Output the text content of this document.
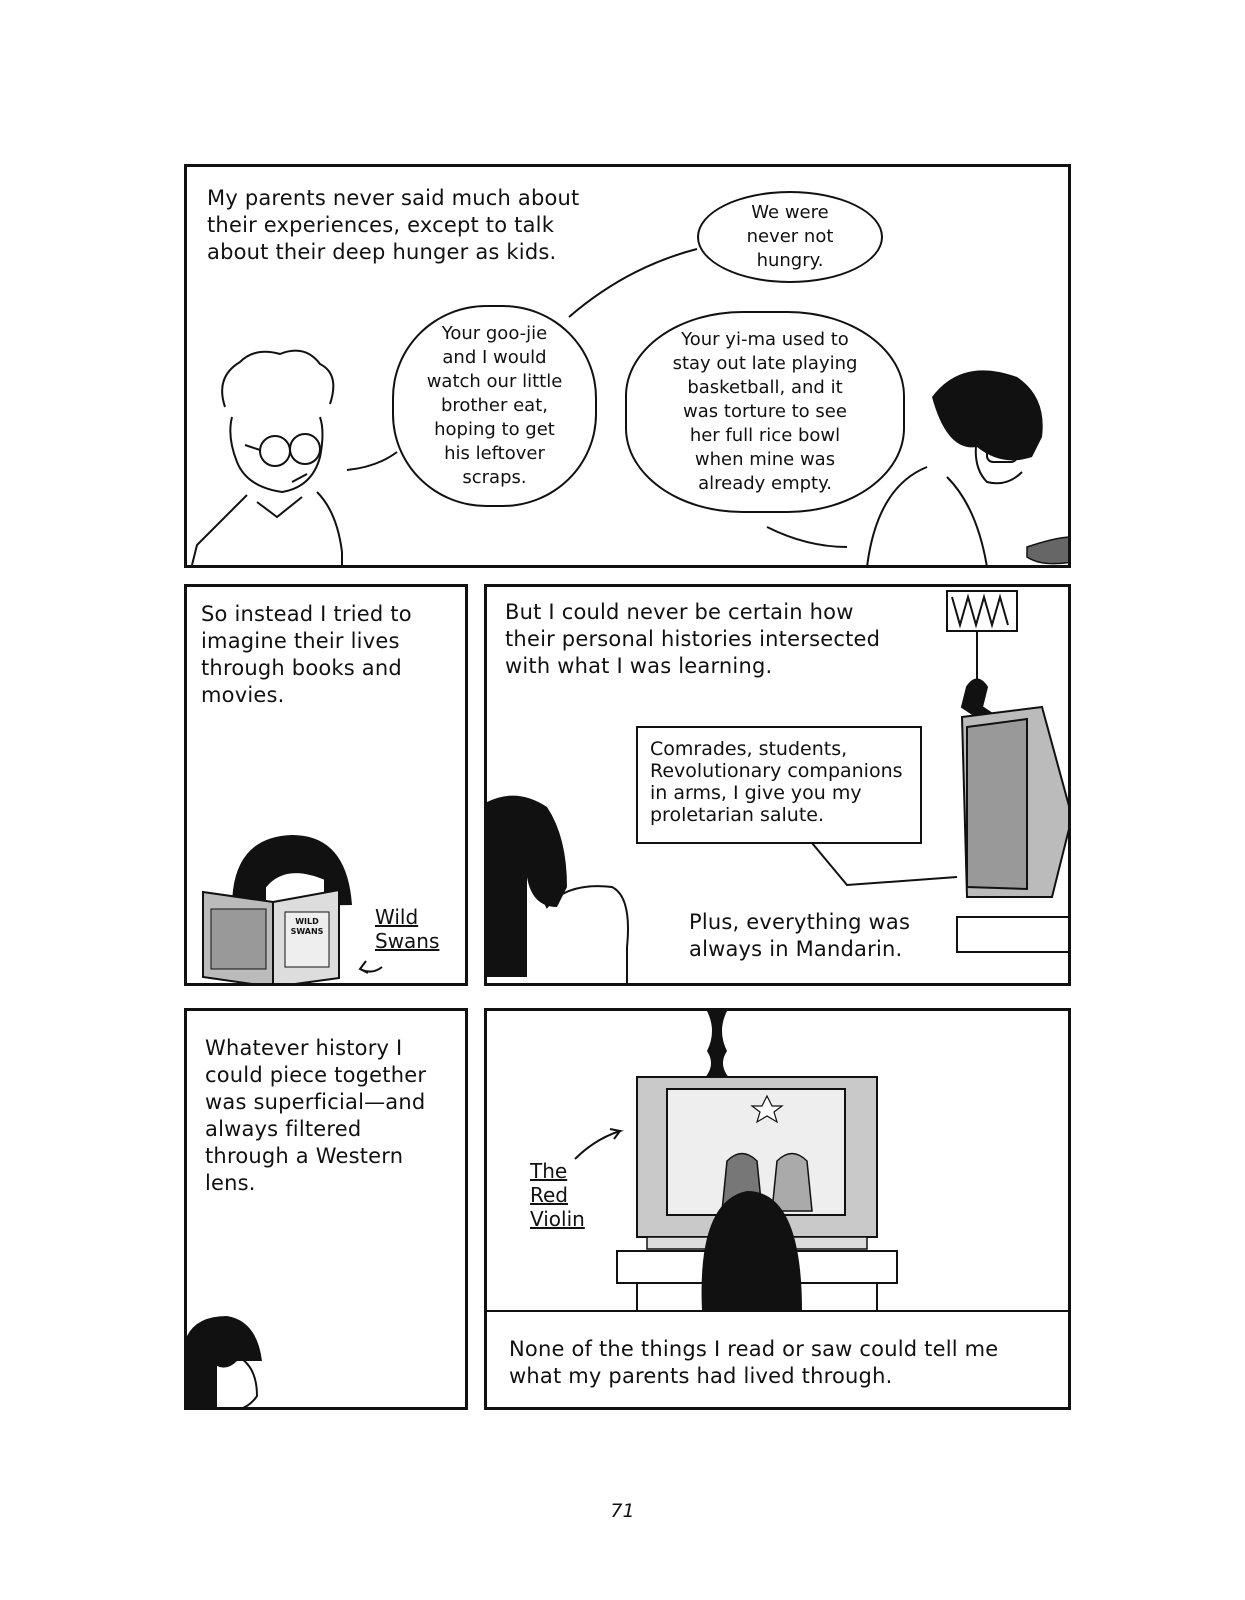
My parents never said much about
their experiences, except to talk
about their deep hunger as kids.
We were
never not
hungry.
Your goo-jie
and I would
watch our little
brother eat,
hoping to get
his leftover
scraps.
Your yi-ma used to
stay out late playing
basketball, and it
was torture to see
her full rice bowl
when mine was
already empty.
So instead I tried to
imagine their lives
through books and
movies.
WILD
SWANS
Wild
Swans
But I could never be certain how
their personal histories intersected
with what I was learning.
Comrades, students,
Revolutionary companions
in arms, I give you my
proletarian salute.
Plus, everything was
always in Mandarin.
Whatever history I
could piece together
was superficial—and
always filtered
through a Western
lens.	The
Red
Violin
None of the things I read or saw could tell me
what my parents had lived through.
71
